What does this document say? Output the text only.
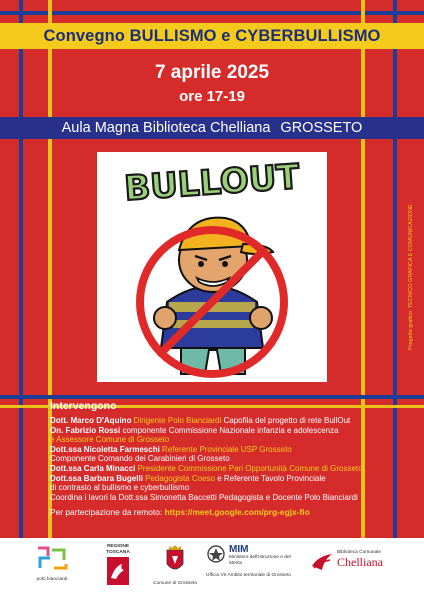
Convegno BULLISMO e CYBERBULLISMO
7 aprile 2025
ore 17-19
Aula Magna Biblioteca Chelliana GROSSETO
BULLOUT
Progetto grafico: TECNICO GRAFICA E COMUNICAZIONE
Intervengono
Dott. Marco D'Aquino Dirigente Polo Bianciardi Capofila del progetto di rete BullOut
On. Fabrizio Rossi componente Commissione Nazionale infanzia e adolescenza
e Assessore Comune di Grosseto
Dott.ssa Nicoletta Farmeschi Referente Provinciale USP Grosseto
Componente Comando dei Carabinieri di Grosseto
Dott.ssa Carla Minacci Presidente Commissione Pari Opportunità Comune di Grosseto
Dott.ssa Barbara Bugelli Pedagogista Coeso e Referente Tavolo Provinciale
di contrasto al bullismo e cyberbullismo
Coordina i lavori la Dott.ssa Simonetta Baccetti Pedagogista e Docente Polo Bianciardi
Per partecipazione da remoto: https://meet.google.com/prg-egjx-fio
polo bianciardi
REGIONE TOSCANA
Comune di Grosseto
MIM
Ministero dell'Istruzione e del Merito
Ufficio VII Ambito territoriale di Grosseto
Biblioteca Comunale
Chelliana
